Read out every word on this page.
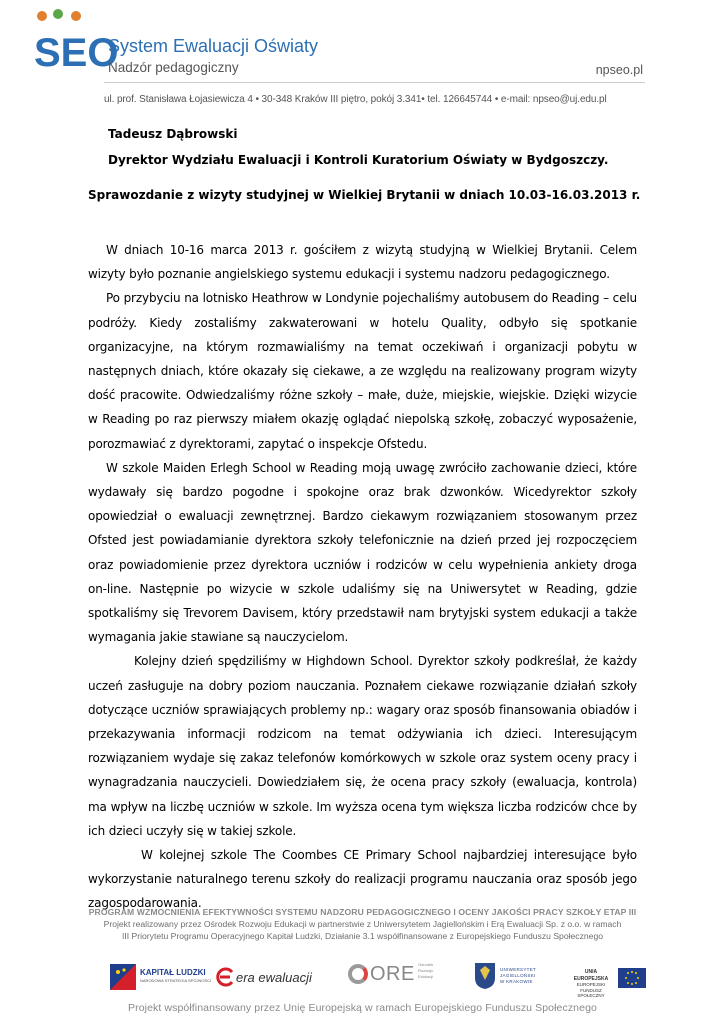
SEO
System Ewaluacji Oświaty
Nadzór pedagogiczny	npseo.pl
ul. prof. Stanisława Łojasiewicza 4 • 30-348 Kraków III piętro, pokój 3.341• tel. 126645744 • e-mail: npseo@uj.edu.pl
Tadeusz Dąbrowski
Dyrektor Wydziału Ewaluacji i Kontroli Kuratorium Oświaty w Bydgoszczy.
Sprawozdanie z wizyty studyjnej w Wielkiej Brytanii w dniach 10.03-16.03.2013 r.

W dniach 10-16 marca 2013 r. gościłem z wizytą studyjną w Wielkiej Brytanii. Celem wizyty było poznanie angielskiego systemu edukacji i systemu nadzoru pedagogicznego.

Po przybyciu na lotnisko Heathrow w Londynie pojechaliśmy autobusem do Reading – celu podróży. Kiedy zostaliśmy zakwaterowani w hotelu Quality, odbyło się spotkanie organizacyjne, na którym rozmawialiśmy na temat oczekiwań i organizacji pobytu w następnych dniach, które okazały się ciekawe, a ze względu na realizowany program wizyty dość pracowite. Odwiedzaliśmy różne szkoły – małe, duże, miejskie, wiejskie. Dzięki wizycie w Reading po raz pierwszy miałem okazję oglądać niepolską szkołę, zobaczyć wyposażenie, porozmawiać z dyrektorami, zapytać o inspekcje Ofstedu.

W szkole Maiden Erlegh School w Reading moją uwagę zwróciło zachowanie dzieci, które wydawały się bardzo pogodne i spokojne oraz brak dzwonków. Wicedyrektor szkoły opowiedział o ewaluacji zewnętrznej. Bardzo ciekawym rozwiązaniem stosowanym przez Ofsted jest powiadamianie dyrektora szkoły telefonicznie na dzień przed jej rozpoczęciem oraz powiadomienie przez dyrektora uczniów i rodziców w celu wypełnienia ankiety droga on-line. Następnie po wizycie w szkole udaliśmy się na Uniwersytet w Reading, gdzie spotkaliśmy się Trevorem Davisem, który przedstawił nam brytyjski system edukacji a także wymagania jakie stawiane są nauczycielom.

Kolejny dzień spędziliśmy w Highdown School. Dyrektor szkoły podkreślał, że każdy uczeń zasługuje na dobry poziom nauczania. Poznałem ciekawe rozwiązanie działań szkoły dotyczące uczniów sprawiających problemy np.: wagary oraz sposób finansowania obiadów i przekazywania informacji rodzicom na temat odżywiania ich dzieci. Interesującym rozwiązaniem wydaje się zakaz telefonów komórkowych w szkole oraz system oceny pracy i wynagradzania nauczycieli. Dowiedziałem się, że ocena pracy szkoły (ewaluacja, kontrola) ma wpływ na liczbę uczniów w szkole. Im wyższa ocena tym większa liczba rodziców chce by ich dzieci uczyły się w takiej szkole.

W kolejnej szkole The Coombes CE Primary School najbardziej interesujące było wykorzystanie naturalnego terenu szkoły do realizacji programu nauczania oraz sposób jego zagospodarowania.

PROGRAM WZMOCNIENIA EFEKTYWNOŚCI SYSTEMU NADZORU PEDAGOGICZNEGO I OCENY JAKOŚCI PRACY SZKOŁY ETAP III
Projekt realizowany przez Ośrodek Rozwoju Edukacji w partnerstwie z Uniwersytetem Jagiellońskim i Erą Ewaluacji Sp. z o.o. w ramach
III Priorytetu Programu Operacyjnego Kapitał Ludzki, Działanie 3.1 współfinansowane z Europejskiego Funduszu Społecznego
KAPITAŁ LUDZKI
NARODOWA STRATEGIA SPÓJNOŚCI era ewaluacji	ORE Ośrodek
Rozwoju
Edukacji
UNIWERSYTET
JAGIELLOŃSKI
W KRAKOWIE
UNIA EUROPEJSKA
EUROPEJSKI
FUNDUSZ SPOŁECZNY
Projekt współfinansowany przez Unię Europejską w ramach Europejskiego Funduszu Społecznego
